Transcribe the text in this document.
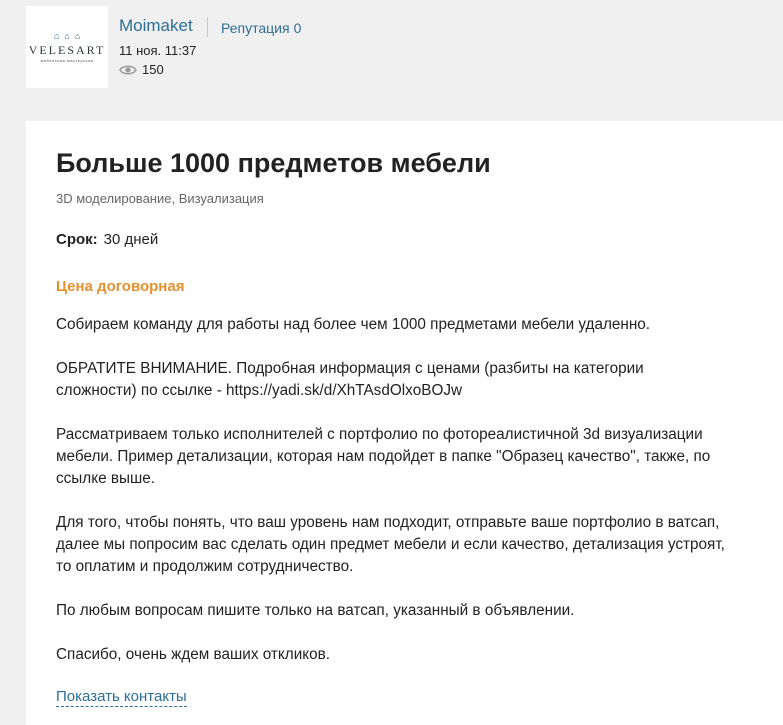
⌂ ⌂ ⌂
VELESART
мебельная мастерская
Moimaket Репутация 0
11 ноя. 11:37
150
Больше 1000 предметов мебели
3D моделирование, Визуализация
Срок: 30 дней
Цена договорная

Собираем команду для работы над более чем 1000 предметами мебели удаленно.

ОБРАТИТЕ ВНИМАНИЕ. Подробная информация с ценами (разбиты на категории
сложности) по ссылке - https://yadi.sk/d/XhTAsdOlxoBOJw

Рассматриваем только исполнителей с портфолио по фотореалистичной 3d визуализации
мебели. Пример детализации, которая нам подойдет в папке "Образец качество", также, по
ссылке выше.

Для того, чтобы понять, что ваш уровень нам подходит, отправьте ваше портфолио в ватсап,
далее мы попросим вас сделать один предмет мебели и если качество, детализация устроят,
то оплатим и продолжим сотрудничество.

По любым вопросам пишите только на ватсап, указанный в объявлении.

Спасибо, очень ждем ваших откликов.

Показать контакты
